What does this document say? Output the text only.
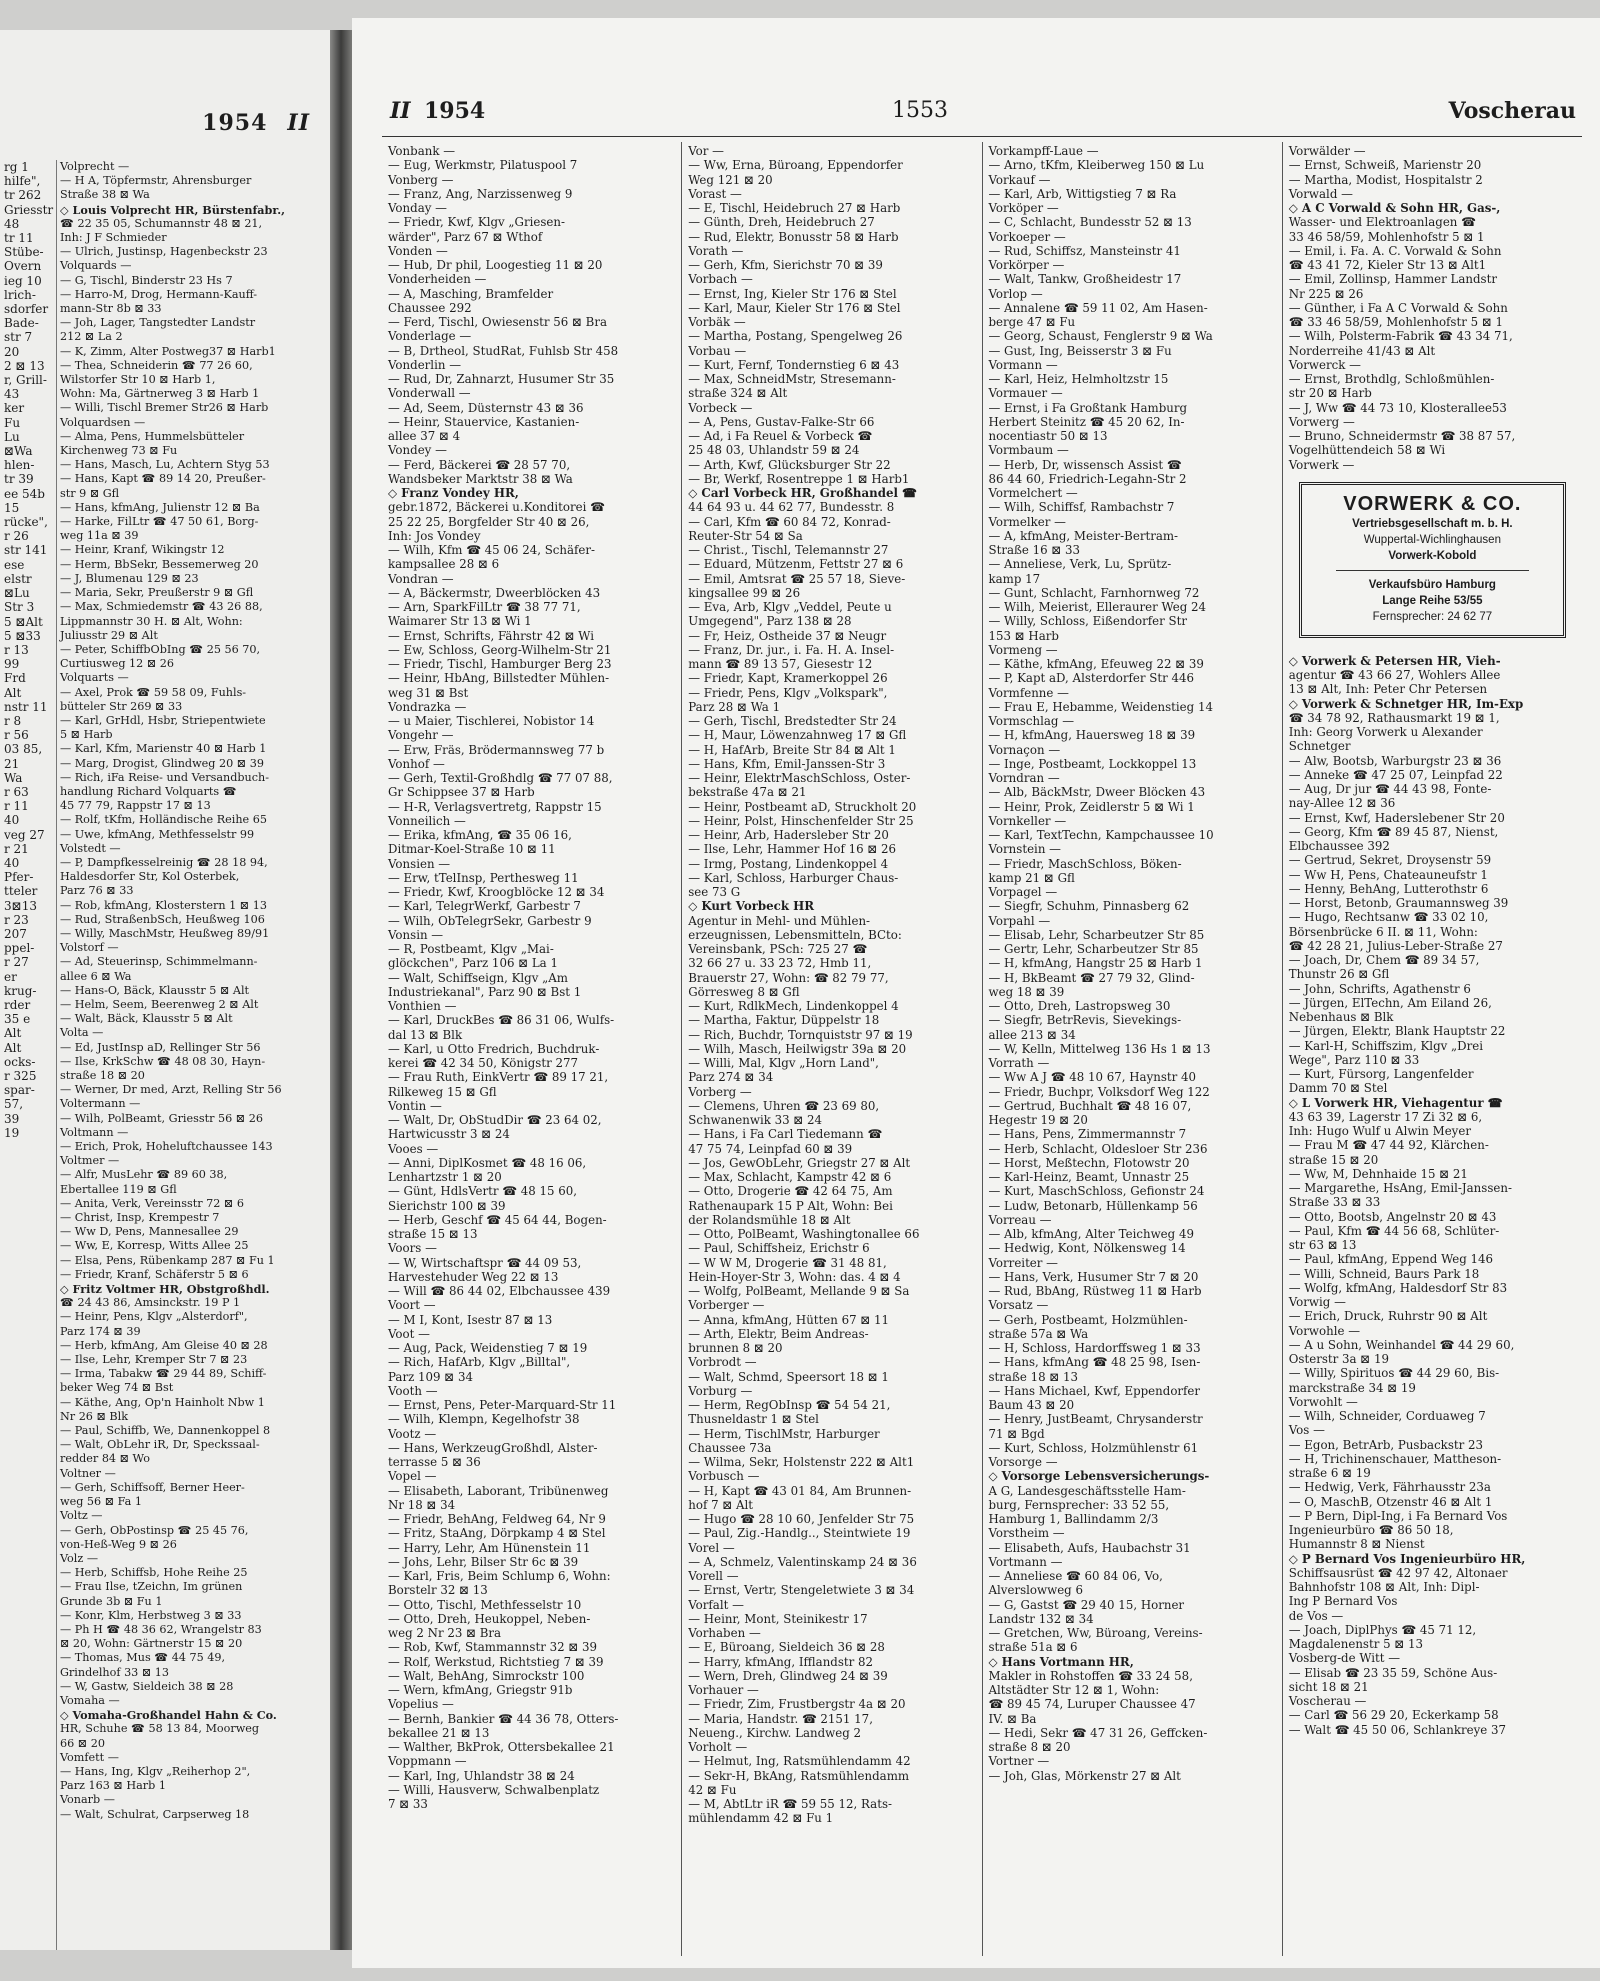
1954 II
rg 1
hilfe",
tr 262
Griesstr
48
tr 11
Stübe-
Overn
ieg 10
lrich-
sdorfer
Bade-
str 7
20
2 ⊠ 13
r, Grill-
43
ker
Fu
Lu
⊠Wa
hlen-
tr 39
ee 54b
15
rücke",
r 26
str 141
ese
elstr
⊠Lu
Str 3
5 ⊠Alt
5 ⊠33
r 13
99
Frd
Alt
nstr 11
r 8
r 56
03 85,
21
Wa
r 63
r 11
40
veg 27
r 21
40
Pfer-
tteler
3⊠13
r 23
207
ppel-
r 27
er
krug-
rder
35 e
Alt
Alt
ocks-
r 325
spar-
57,
39
19
Volprecht —
— H A, Töpfermstr, Ahrensburger
Straße 38 ⊠ Wa
◇ Louis Volprecht HR, Bürstenfabr.,
☎ 22 35 05, Schumannstr 48 ⊠ 21,
Inh: J F Schmieder
— Ulrich, Justinsp, Hagenbeckstr 23
Volquards —
— G, Tischl, Binderstr 23 Hs 7
— Harro-M, Drog, Hermann-Kauff-
mann-Str 8b ⊠ 33
— Joh, Lager, Tangstedter Landstr
212 ⊠ La 2
— K, Zimm, Alter Postweg37 ⊠ Harb1
— Thea, Schneiderin ☎ 77 26 60,
Wilstorfer Str 10 ⊠ Harb 1,
Wohn: Ma, Gärtnerweg 3 ⊠ Harb 1
— Willi, Tischl Bremer Str26 ⊠ Harb
Volquardsen —
— Alma, Pens, Hummelsbütteler
Kirchenweg 73 ⊠ Fu
— Hans, Masch, Lu, Achtern Styg 53
— Hans, Kapt ☎ 89 14 20, Preußer-
str 9 ⊠ Gfl
— Hans, kfmAng, Julienstr 12 ⊠ Ba
— Harke, FilLtr ☎ 47 50 61, Borg-
weg 11a ⊠ 39
— Heinr, Kranf, Wikingstr 12
— Herm, BbSekr, Bessemerweg 20
— J, Blumenau 129 ⊠ 23
— Maria, Sekr, Preußerstr 9 ⊠ Gfl
— Max, Schmiedemstr ☎ 43 26 88,
Lippmannstr 30 H. ⊠ Alt, Wohn:
Juliusstr 29 ⊠ Alt
— Peter, SchiffbObIng ☎ 25 56 70,
Curtiusweg 12 ⊠ 26
Volquarts —
— Axel, Prok ☎ 59 58 09, Fuhls-
bütteler Str 269 ⊠ 33
— Karl, GrHdl, Hsbr, Striepentwiete
5 ⊠ Harb
— Karl, Kfm, Marienstr 40 ⊠ Harb 1
— Marg, Drogist, Glindweg 20 ⊠ 39
— Rich, iFa Reise- und Versandbuch-
handlung Richard Volquarts ☎
45 77 79, Rappstr 17 ⊠ 13
— Rolf, tKfm, Holländische Reihe 65
— Uwe, kfmAng, Methfesselstr 99
Volstedt —
— P, Dampfkesselreinig ☎ 28 18 94,
Haldesdorfer Str, Kol Osterbek,
Parz 76 ⊠ 33
— Rob, kfmAng, Klosterstern 1 ⊠ 13
— Rud, StraßenbSch, Heußweg 106
— Willy, MaschMstr, Heußweg 89/91
Volstorf —
— Ad, Steuerinsp, Schimmelmann-
allee 6 ⊠ Wa
— Hans-O, Bäck, Klausstr 5 ⊠ Alt
— Helm, Seem, Beerenweg 2 ⊠ Alt
— Walt, Bäck, Klausstr 5 ⊠ Alt
Volta —
— Ed, JustInsp aD, Rellinger Str 56
— Ilse, KrkSchw ☎ 48 08 30, Hayn-
straße 18 ⊠ 20
— Werner, Dr med, Arzt, Relling Str 56
Voltermann —
— Wilh, PolBeamt, Griesstr 56 ⊠ 26
Voltmann —
— Erich, Prok, Hoheluftchaussee 143
Voltmer —
— Alfr, MusLehr ☎ 89 60 38,
Ebertallee 119 ⊠ Gfl
— Anita, Verk, Vereinsstr 72 ⊠ 6
— Christ, Insp, Krempestr 7
— Ww D, Pens, Mannesallee 29
— Ww, E, Korresp, Witts Allee 25
— Elsa, Pens, Rübenkamp 287 ⊠ Fu 1
— Friedr, Kranf, Schäferstr 5 ⊠ 6
◇ Fritz Voltmer HR, Obstgroßhdl.
☎ 24 43 86, Amsinckstr. 19 P 1
— Heinr, Pens, Klgv „Alsterdorf",
Parz 174 ⊠ 39
— Herb, kfmAng, Am Gleise 40 ⊠ 28
— Ilse, Lehr, Kremper Str 7 ⊠ 23
— Irma, Tabakw ☎ 29 44 89, Schiff-
beker Weg 74 ⊠ Bst
— Käthe, Ang, Op'n Hainholt Nbw 1
Nr 26 ⊠ Blk
— Paul, Schiffb, We, Dannenkoppel 8
— Walt, ObLehr iR, Dr, Speckssaal-
redder 84 ⊠ Wo
Voltner —
— Gerh, Schiffsoff, Berner Heer-
weg 56 ⊠ Fa 1
Voltz —
— Gerh, ObPostinsp ☎ 25 45 76,
von-Heß-Weg 9 ⊠ 26
Volz —
— Herb, Schiffsb, Hohe Reihe 25
— Frau Ilse, tZeichn, Im grünen
Grunde 3b ⊠ Fu 1
— Konr, Klm, Herbstweg 3 ⊠ 33
— Ph H ☎ 48 36 62, Wrangelstr 83
⊠ 20, Wohn: Gärtnerstr 15 ⊠ 20
— Thomas, Mus ☎ 44 75 49,
Grindelhof 33 ⊠ 13
— W, Gastw, Sieldeich 38 ⊠ 28
Vomaha —
◇ Vomaha-Großhandel Hahn & Co.
HR, Schuhe ☎ 58 13 84, Moorweg
66 ⊠ 20
Vomfett —
— Hans, Ing, Klgv „Reiherhop 2",
Parz 163 ⊠ Harb 1
Vonarb —
— Walt, Schulrat, Carpserweg 18
II 1954	1553	Voscherau
Vonbank —
— Eug, Werkmstr, Pilatuspool 7
Vonberg —
— Franz, Ang, Narzissenweg 9
Vonday —
— Friedr, Kwf, Klgv „Griesen-
wärder", Parz 67 ⊠ Wthof
Vonden —
— Hub, Dr phil, Loogestieg 11 ⊠ 20
Vonderheiden —
— A, Masching, Bramfelder
Chaussee 292
— Ferd, Tischl, Owiesenstr 56 ⊠ Bra
Vonderlage —
— B, Drtheol, StudRat, Fuhlsb Str 458
Vonderlin —
— Rud, Dr, Zahnarzt, Husumer Str 35
Vonderwall —
— Ad, Seem, Düsternstr 43 ⊠ 36
— Heinr, Stauervice, Kastanien-
allee 37 ⊠ 4
Vondey —
— Ferd, Bäckerei ☎ 28 57 70,
Wandsbeker Marktstr 38 ⊠ Wa
◇ Franz Vondey HR,
gebr.1872, Bäckerei u.Konditorei ☎
25 22 25, Borgfelder Str 40 ⊠ 26,
Inh: Jos Vondey
— Wilh, Kfm ☎ 45 06 24, Schäfer-
kampsallee 28 ⊠ 6
Vondran —
— A, Bäckermstr, Dweerblöcken 43
— Arn, SparkFilLtr ☎ 38 77 71,
Waimarer Str 13 ⊠ Wi 1
— Ernst, Schrifts, Fährstr 42 ⊠ Wi
— Ew, Schloss, Georg-Wilhelm-Str 21
— Friedr, Tischl, Hamburger Berg 23
— Heinr, HbAng, Billstedter Mühlen-
weg 31 ⊠ Bst
Vondrazka —
— u Maier, Tischlerei, Nobistor 14
Vongehr —
— Erw, Fräs, Brödermannsweg 77 b
Vonhof —
— Gerh, Textil-Großhdlg ☎ 77 07 88,
Gr Schippsee 37 ⊠ Harb
— H-R, Verlagsvertretg, Rappstr 15
Vonneilich —
— Erika, kfmAng, ☎ 35 06 16,
Ditmar-Koel-Straße 10 ⊠ 11
Vonsien —
— Erw, tTelInsp, Perthesweg 11
— Friedr, Kwf, Kroogblöcke 12 ⊠ 34
— Karl, TelegrWerkf, Garbestr 7
— Wilh, ObTelegrSekr, Garbestr 9
Vonsin —
— R, Postbeamt, Klgv „Mai-
glöckchen", Parz 106 ⊠ La 1
— Walt, Schiffseign, Klgv „Am
Industriekanal", Parz 90 ⊠ Bst 1
Vonthien —
— Karl, DruckBes ☎ 86 31 06, Wulfs-
dal 13 ⊠ Blk
— Karl, u Otto Fredrich, Buchdruk-
kerei ☎ 42 34 50, Königstr 277
— Frau Ruth, EinkVertr ☎ 89 17 21,
Rilkeweg 15 ⊠ Gfl
Vontin —
— Walt, Dr, ObStudDir ☎ 23 64 02,
Hartwicusstr 3 ⊠ 24
Vooes —
— Anni, DiplKosmet ☎ 48 16 06,
Lenhartzstr 1 ⊠ 20
— Günt, HdlsVertr ☎ 48 15 60,
Sierichstr 100 ⊠ 39
— Herb, Geschf ☎ 45 64 44, Bogen-
straße 15 ⊠ 13
Voors —
— W, Wirtschaftspr ☎ 44 09 53,
Harvestehuder Weg 22 ⊠ 13
— Will ☎ 86 44 02, Elbchaussee 439
Voort —
— M I, Kont, Isestr 87 ⊠ 13
Voot —
— Aug, Pack, Weidenstieg 7 ⊠ 19
— Rich, HafArb, Klgv „Billtal",
Parz 109 ⊠ 34
Vooth —
— Ernst, Pens, Peter-Marquard-Str 11
— Wilh, Klempn, Kegelhofstr 38
Vootz —
— Hans, WerkzeugGroßhdl, Alster-
terrasse 5 ⊠ 36
Vopel —
— Elisabeth, Laborant, Tribünenweg
Nr 18 ⊠ 34
— Friedr, BehAng, Feldweg 64, Nr 9
— Fritz, StaAng, Dörpkamp 4 ⊠ Stel
— Harry, Lehr, Am Hünenstein 11
— Johs, Lehr, Bilser Str 6c ⊠ 39
— Karl, Fris, Beim Schlump 6, Wohn:
Borstelr 32 ⊠ 13
— Otto, Tischl, Methfesselstr 10
— Otto, Dreh, Heukoppel, Neben-
weg 2 Nr 23 ⊠ Bra
— Rob, Kwf, Stammannstr 32 ⊠ 39
— Rolf, Werkstud, Richtstieg 7 ⊠ 39
— Walt, BehAng, Simrockstr 100
— Wern, kfmAng, Griegstr 91b
Vopelius —
— Bernh, Bankier ☎ 44 36 78, Otters-
bekallee 21 ⊠ 13
— Walther, BkProk, Ottersbekallee 21
Voppmann —
— Karl, Ing, Uhlandstr 38 ⊠ 24
— Willi, Hausverw, Schwalbenplatz
7 ⊠ 33
Vor —
— Ww, Erna, Büroang, Eppendorfer
Weg 121 ⊠ 20
Vorast —
— E, Tischl, Heidebruch 27 ⊠ Harb
— Günth, Dreh, Heidebruch 27
— Rud, Elektr, Bonusstr 58 ⊠ Harb
Vorath —
— Gerh, Kfm, Sierichstr 70 ⊠ 39
Vorbach —
— Ernst, Ing, Kieler Str 176 ⊠ Stel
— Karl, Maur, Kieler Str 176 ⊠ Stel
Vorbäk —
— Martha, Postang, Spengelweg 26
Vorbau —
— Kurt, Fernf, Tondernstieg 6 ⊠ 43
— Max, SchneidMstr, Stresemann-
straße 324 ⊠ Alt
Vorbeck —
— A, Pens, Gustav-Falke-Str 66
— Ad, i Fa Reuel & Vorbeck ☎
25 48 03, Uhlandstr 59 ⊠ 24
— Arth, Kwf, Glücksburger Str 22
— Br, Werkf, Rosentreppe 1 ⊠ Harb1
◇ Carl Vorbeck HR, Großhandel ☎
44 64 93 u. 44 62 77, Bundesstr. 8
— Carl, Kfm ☎ 60 84 72, Konrad-
Reuter-Str 54 ⊠ Sa
— Christ., Tischl, Telemannstr 27
— Eduard, Mützenm, Fettstr 27 ⊠ 6
— Emil, Amtsrat ☎ 25 57 18, Sieve-
kingsallee 99 ⊠ 26
— Eva, Arb, Klgv „Veddel, Peute u
Umgegend", Parz 138 ⊠ 28
— Fr, Heiz, Ostheide 37 ⊠ Neugr
— Franz, Dr. jur., i. Fa. H. A. Insel-
mann ☎ 89 13 57, Giesestr 12
— Friedr, Kapt, Kramerkoppel 26
— Friedr, Pens, Klgv „Volkspark",
Parz 28 ⊠ Wa 1
— Gerh, Tischl, Bredstedter Str 24
— H, Maur, Löwenzahnweg 17 ⊠ Gfl
— H, HafArb, Breite Str 84 ⊠ Alt 1
— Hans, Kfm, Emil-Janssen-Str 3
— Heinr, ElektrMaschSchloss, Oster-
bekstraße 47a ⊠ 21
— Heinr, Postbeamt aD, Struckholt 20
— Heinr, Polst, Hinschenfelder Str 25
— Heinr, Arb, Hadersleber Str 20
— Ilse, Lehr, Hammer Hof 16 ⊠ 26
— Irmg, Postang, Lindenkoppel 4
— Karl, Schloss, Harburger Chaus-
see 73 G
◇ Kurt Vorbeck HR
Agentur in Mehl- und Mühlen-
erzeugnissen, Lebensmitteln, BCto:
Vereinsbank, PSch: 725 27 ☎
32 66 27 u. 33 23 72, Hmb 11,
Brauerstr 27, Wohn: ☎ 82 79 77,
Görresweg 8 ⊠ Gfl
— Kurt, RdlkMech, Lindenkoppel 4
— Martha, Faktur, Düppelstr 18
— Rich, Buchdr, Tornquiststr 97 ⊠ 19
— Wilh, Masch, Heilwigstr 39a ⊠ 20
— Willi, Mal, Klgv „Horn Land",
Parz 274 ⊠ 34
Vorberg —
— Clemens, Uhren ☎ 23 69 80,
Schwanenwik 33 ⊠ 24
— Hans, i Fa Carl Tiedemann ☎
47 75 74, Leinpfad 60 ⊠ 39
— Jos, GewObLehr, Griegstr 27 ⊠ Alt
— Max, Schlacht, Kampstr 42 ⊠ 6
— Otto, Drogerie ☎ 42 64 75, Am
Rathenaupark 15 P Alt, Wohn: Bei
der Rolandsmühle 18 ⊠ Alt
— Otto, PolBeamt, Washingtonallee 66
— Paul, Schiffsheiz, Erichstr 6
— W W M, Drogerie ☎ 31 48 81,
Hein-Hoyer-Str 3, Wohn: das. 4 ⊠ 4
— Wolfg, PolBeamt, Mellande 9 ⊠ Sa
Vorberger —
— Anna, kfmAng, Hütten 67 ⊠ 11
— Arth, Elektr, Beim Andreas-
brunnen 8 ⊠ 20
Vorbrodt —
— Walt, Schmd, Speersort 18 ⊠ 1
Vorburg —
— Herm, RegObInsp ☎ 54 54 21,
Thusneldastr 1 ⊠ Stel
— Herm, TischlMstr, Harburger
Chaussee 73a
— Wilma, Sekr, Holstenstr 222 ⊠ Alt1
Vorbusch —
— H, Kapt ☎ 43 01 84, Am Brunnen-
hof 7 ⊠ Alt
— Hugo ☎ 28 10 60, Jenfelder Str 75
— Paul, Zig.-Handlg.., Steintwiete 19
Vorel —
— A, Schmelz, Valentinskamp 24 ⊠ 36
Vorell —
— Ernst, Vertr, Stengeletwiete 3 ⊠ 34
Vorfalt —
— Heinr, Mont, Steinikestr 17
Vorhaben —
— E, Büroang, Sieldeich 36 ⊠ 28
— Harry, kfmAng, Ifflandstr 82
— Wern, Dreh, Glindweg 24 ⊠ 39
Vorhauer —
— Friedr, Zim, Frustbergstr 4a ⊠ 20
— Maria, Handstr. ☎ 2151 17,
Neueng., Kirchw. Landweg 2
Vorholt —
— Helmut, Ing, Ratsmühlendamm 42
— Sekr-H, BkAng, Ratsmühlendamm
42 ⊠ Fu
— M, AbtLtr iR ☎ 59 55 12, Rats-
mühlendamm 42 ⊠ Fu 1
Vorkampff-Laue —
— Arno, tKfm, Kleiberweg 150 ⊠ Lu
Vorkauf —
— Karl, Arb, Wittigstieg 7 ⊠ Ra
Vorköper —
— C, Schlacht, Bundesstr 52 ⊠ 13
Vorkoeper —
— Rud, Schiffsz, Mansteinstr 41
Vorkörper —
— Walt, Tankw, Großheidestr 17
Vorlop —
— Annalene ☎ 59 11 02, Am Hasen-
berge 47 ⊠ Fu
— Georg, Schaust, Fenglerstr 9 ⊠ Wa
— Gust, Ing, Beisserstr 3 ⊠ Fu
Vormann —
— Karl, Heiz, Helmholtzstr 15
Vormauer —
— Ernst, i Fa Großtank Hamburg
Herbert Steinitz ☎ 45 20 62, In-
nocentiastr 50 ⊠ 13
Vormbaum —
— Herb, Dr, wissensch Assist ☎
86 44 60, Friedrich-Legahn-Str 2
Vormelchert —
— Wilh, Schiffsf, Rambachstr 7
Vormelker —
— A, kfmAng, Meister-Bertram-
Straße 16 ⊠ 33
— Anneliese, Verk, Lu, Sprütz-
kamp 17
— Gunt, Schlacht, Farnhornweg 72
— Wilh, Meierist, Elleraurer Weg 24
— Willy, Schloss, Eißendorfer Str
153 ⊠ Harb
Vormeng —
— Käthe, kfmAng, Efeuweg 22 ⊠ 39
— P, Kapt aD, Alsterdorfer Str 446
Vormfenne —
— Frau E, Hebamme, Weidenstieg 14
Vormschlag —
— H, kfmAng, Hauersweg 18 ⊠ 39
Vornaçon —
— Inge, Postbeamt, Lockkoppel 13
Vorndran —
— Alb, BäckMstr, Dweer Blöcken 43
— Heinr, Prok, Zeidlerstr 5 ⊠ Wi 1
Vornkeller —
— Karl, TextTechn, Kampchaussee 10
Vornstein —
— Friedr, MaschSchloss, Böken-
kamp 21 ⊠ Gfl
Vorpagel —
— Siegfr, Schuhm, Pinnasberg 62
Vorpahl —
— Elisab, Lehr, Scharbeutzer Str 85
— Gertr, Lehr, Scharbeutzer Str 85
— H, kfmAng, Hangstr 25 ⊠ Harb 1
— H, BkBeamt ☎ 27 79 32, Glind-
weg 18 ⊠ 39
— Otto, Dreh, Lastropsweg 30
— Siegfr, BetrRevis, Sievekings-
allee 213 ⊠ 34
— W, Kelln, Mittelweg 136 Hs 1 ⊠ 13
Vorrath —
— Ww A J ☎ 48 10 67, Haynstr 40
— Friedr, Buchpr, Volksdorf Weg 122
— Gertrud, Buchhalt ☎ 48 16 07,
Hegestr 19 ⊠ 20
— Hans, Pens, Zimmermannstr 7
— Herb, Schlacht, Oldesloer Str 236
— Horst, Meßtechn, Flotowstr 20
— Karl-Heinz, Beamt, Unnastr 25
— Kurt, MaschSchloss, Gefionstr 24
— Ludw, Betonarb, Hüllenkamp 56
Vorreau —
— Alb, kfmAng, Alter Teichweg 49
— Hedwig, Kont, Nölkensweg 14
Vorreiter —
— Hans, Verk, Husumer Str 7 ⊠ 20
— Rud, BbAng, Rüstweg 11 ⊠ Harb
Vorsatz —
— Gerh, Postbeamt, Holzmühlen-
straße 57a ⊠ Wa
— H, Schloss, Hardorffsweg 1 ⊠ 33
— Hans, kfmAng ☎ 48 25 98, Isen-
straße 18 ⊠ 13
— Hans Michael, Kwf, Eppendorfer
Baum 43 ⊠ 20
— Henry, JustBeamt, Chrysanderstr
71 ⊠ Bgd
— Kurt, Schloss, Holzmühlenstr 61
Vorsorge —
◇ Vorsorge Lebensversicherungs-
A G, Landesgeschäftsstelle Ham-
burg, Fernsprecher: 33 52 55,
Hamburg 1, Ballindamm 2/3
Vorstheim —
— Elisabeth, Aufs, Haubachstr 31
Vortmann —
— Anneliese ☎ 60 84 06, Vo,
Alverslowweg 6
— G, Gastst ☎ 29 40 15, Horner
Landstr 132 ⊠ 34
— Gretchen, Ww, Büroang, Vereins-
straße 51a ⊠ 6
◇ Hans Vortmann HR,
Makler in Rohstoffen ☎ 33 24 58,
Altstädter Str 12 ⊠ 1, Wohn:
☎ 89 45 74, Luruper Chaussee 47
IV. ⊠ Ba
— Hedi, Sekr ☎ 47 31 26, Geffcken-
straße 8 ⊠ 20
Vortner —
— Joh, Glas, Mörkenstr 27 ⊠ Alt
Vorwälder —
— Ernst, Schweiß, Marienstr 20
— Martha, Modist, Hospitalstr 2
Vorwald —
◇ A C Vorwald & Sohn HR, Gas-,
Wasser- und Elektroanlagen ☎
33 46 58/59, Mohlenhofstr 5 ⊠ 1
— Emil, i. Fa. A. C. Vorwald & Sohn
☎ 43 41 72, Kieler Str 13 ⊠ Alt1
— Emil, Zollinsp, Hammer Landstr
Nr 225 ⊠ 26
— Günther, i Fa A C Vorwald & Sohn
☎ 33 46 58/59, Mohlenhofstr 5 ⊠ 1
— Wilh, Polsterm-Fabrik ☎ 43 34 71,
Norderreihe 41/43 ⊠ Alt
Vorwerck —
— Ernst, Brothdlg, Schloßmühlen-
str 20 ⊠ Harb
— J, Ww ☎ 44 73 10, Klosterallee53
Vorwerg —
— Bruno, Schneidermstr ☎ 38 87 57,
Vogelhüttendeich 58 ⊠ Wi
Vorwerk —
VORWERK & CO.
Vertriebsgesellschaft m. b. H.
Wuppertal-Wichlinghausen
Vorwerk-Kobold
Verkaufsbüro Hamburg
Lange Reihe 53/55
Fernsprecher: 24 62 77
◇ Vorwerk & Petersen HR, Vieh-
agentur ☎ 43 66 27, Wohlers Allee
13 ⊠ Alt, Inh: Peter Chr Petersen
◇ Vorwerk & Schnetger HR, Im-Exp
☎ 34 78 92, Rathausmarkt 19 ⊠ 1,
Inh: Georg Vorwerk u Alexander
Schnetger
— Alw, Bootsb, Warburgstr 23 ⊠ 36
— Anneke ☎ 47 25 07, Leinpfad 22
— Aug, Dr jur ☎ 44 43 98, Fonte-
nay-Allee 12 ⊠ 36
— Ernst, Kwf, Haderslebener Str 20
— Georg, Kfm ☎ 89 45 87, Nienst,
Elbchaussee 392
— Gertrud, Sekret, Droysenstr 59
— Ww H, Pens, Chateauneufstr 1
— Henny, BehAng, Lutterothstr 6
— Horst, Betonb, Graumannsweg 39
— Hugo, Rechtsanw ☎ 33 02 10,
Börsenbrücke 6 II. ⊠ 11, Wohn:
☎ 42 28 21, Julius-Leber-Straße 27
— Joach, Dr, Chem ☎ 89 34 57,
Thunstr 26 ⊠ Gfl
— John, Schrifts, Agathenstr 6
— Jürgen, ElTechn, Am Eiland 26,
Nebenhaus ⊠ Blk
— Jürgen, Elektr, Blank Hauptstr 22
— Karl-H, Schiffszim, Klgv „Drei
Wege", Parz 110 ⊠ 33
— Kurt, Fürsorg, Langenfelder
Damm 70 ⊠ Stel
◇ L Vorwerk HR, Viehagentur ☎
43 63 39, Lagerstr 17 Zi 32 ⊠ 6,
Inh: Hugo Wulf u Alwin Meyer
— Frau M ☎ 47 44 92, Klärchen-
straße 15 ⊠ 20
— Ww, M, Dehnhaide 15 ⊠ 21
— Margarethe, HsAng, Emil-Janssen-
Straße 33 ⊠ 33
— Otto, Bootsb, Angelnstr 20 ⊠ 43
— Paul, Kfm ☎ 44 56 68, Schlüter-
str 63 ⊠ 13
— Paul, kfmAng, Eppend Weg 146
— Willi, Schneid, Baurs Park 18
— Wolfg, kfmAng, Haldesdorf Str 83
Vorwig —
— Erich, Druck, Ruhrstr 90 ⊠ Alt
Vorwohle —
— A u Sohn, Weinhandel ☎ 44 29 60,
Osterstr 3a ⊠ 19
— Willy, Spirituos ☎ 44 29 60, Bis-
marckstraße 34 ⊠ 19
Vorwohlt —
— Wilh, Schneider, Corduaweg 7
Vos —
— Egon, BetrArb, Pusbackstr 23
— H, Trichinenschauer, Mattheson-
straße 6 ⊠ 19
— Hedwig, Verk, Fährhausstr 23a
— O, MaschB, Otzenstr 46 ⊠ Alt 1
— P Bern, Dipl-Ing, i Fa Bernard Vos
Ingenieurbüro ☎ 86 50 18,
Humannstr 8 ⊠ Nienst
◇ P Bernard Vos Ingenieurbüro HR,
Schiffsausrüst ☎ 42 97 42, Altonaer
Bahnhofstr 108 ⊠ Alt, Inh: Dipl-
Ing P Bernard Vos
de Vos —
— Joach, DiplPhys ☎ 45 71 12,
Magdalenenstr 5 ⊠ 13
Vosberg-de Witt —
— Elisab ☎ 23 35 59, Schöne Aus-
sicht 18 ⊠ 21
Voscherau —
— Carl ☎ 56 29 20, Eckerkamp 58
— Walt ☎ 45 50 06, Schlankreye 37
